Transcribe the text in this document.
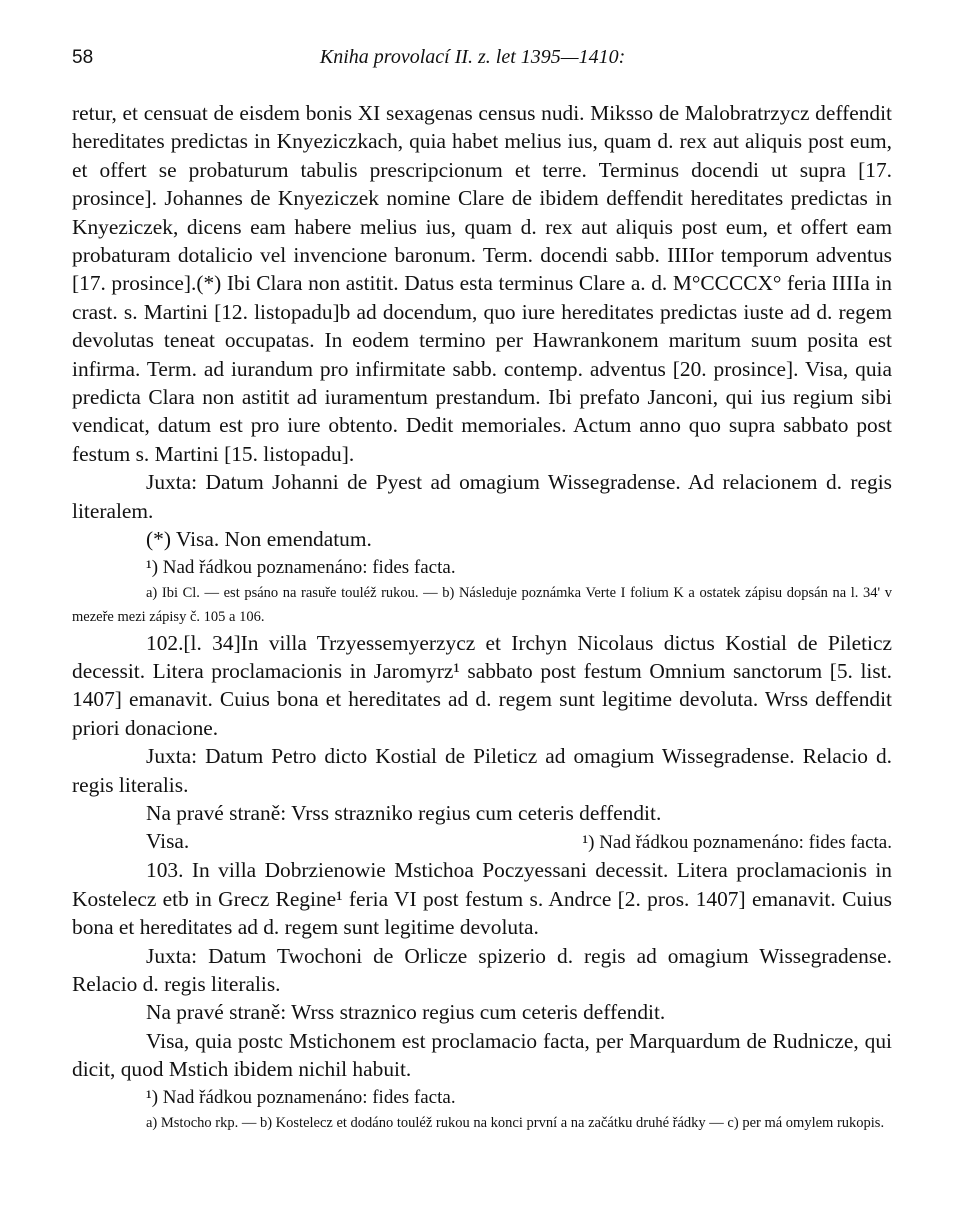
58	Kniha provolací II. z. let 1395—1410:

retur, et censuat de eisdem bonis XI sexagenas census nudi. Miksso de Malobratrzycz deffendit hereditates predictas in Knyeziczkach, quia habet melius ius, quam d. rex aut aliquis post eum, et offert se probaturum tabulis prescripcionum et terre. Terminus docendi ut supra [17. prosince]. Johannes de Knyeziczek nomine Clare de ibidem deffendit hereditates predictas in Knyeziczek, dicens eam habere melius ius, quam d. rex aut aliquis post eum, et offert eam probaturam dotalicio vel invencione baronum. Term. docendi sabb. IIIIor temporum adventus [17. prosince].(*) Ibi Clara non astitit. Datus esta terminus Clare a. d. M°CCCCX° feria IIIIa in crast. s. Martini [12. listopadu]b ad docendum, quo iure hereditates predictas iuste ad d. regem devolutas teneat occupatas. In eodem termino per Hawrankonem maritum suum posita est infirma. Term. ad iurandum pro infirmitate sabb. contemp. adventus [20. prosince]. Visa, quia predicta Clara non astitit ad iuramentum prestandum. Ibi prefato Janconi, qui ius regium sibi vendicat, datum est pro iure obtento. Dedit memoriales. Actum anno quo supra sabbato post festum s. Martini [15. listopadu].

Juxta: Datum Johanni de Pyest ad omagium Wissegradense. Ad relacionem d. regis literalem.

(*) Visa. Non emendatum.

¹) Nad řádkou poznamenáno: fides facta.

a) Ibi Cl. — est psáno na rasuře touléž rukou. — b) Následuje poznámka Verte I folium K a ostatek zápisu dopsán na l. 34' v mezeře mezi zápisy č. 105 a 106.

102.[l. 34]In villa Trzyessemyerzycz et Irchyn Nicolaus dictus Kostial de Pileticz decessit. Litera proclamacionis in Jaromyrz¹ sabbato post festum Omnium sanctorum [5. list. 1407] emanavit. Cuius bona et hereditates ad d. regem sunt legitime devoluta. Wrss deffendit priori donacione.

Juxta: Datum Petro dicto Kostial de Pileticz ad omagium Wissegradense. Relacio d. regis literalis.

Na pravé straně: Vrss strazniko regius cum ceteris deffendit.

Visa.	¹) Nad řádkou poznamenáno: fides facta.

103. In villa Dobrzienowie Mstichoa Poczyessani decessit. Litera proclamacionis in Kostelecz etb in Grecz Regine¹ feria VI post festum s. Andrce [2. pros. 1407] emanavit. Cuius bona et hereditates ad d. regem sunt legitime devoluta.

Juxta: Datum Twochoni de Orlicze spizerio d. regis ad omagium Wissegradense. Relacio d. regis literalis.

Na pravé straně: Wrss straznico regius cum ceteris deffendit.

Visa, quia postc Mstichonem est proclamacio facta, per Marquardum de Rudnicze, qui dicit, quod Mstich ibidem nichil habuit.

¹) Nad řádkou poznamenáno: fides facta.

a) Mstocho rkp. — b) Kostelecz et dodáno touléž rukou na konci první a na začátku druhé řádky — c) per má omylem rukopis.
